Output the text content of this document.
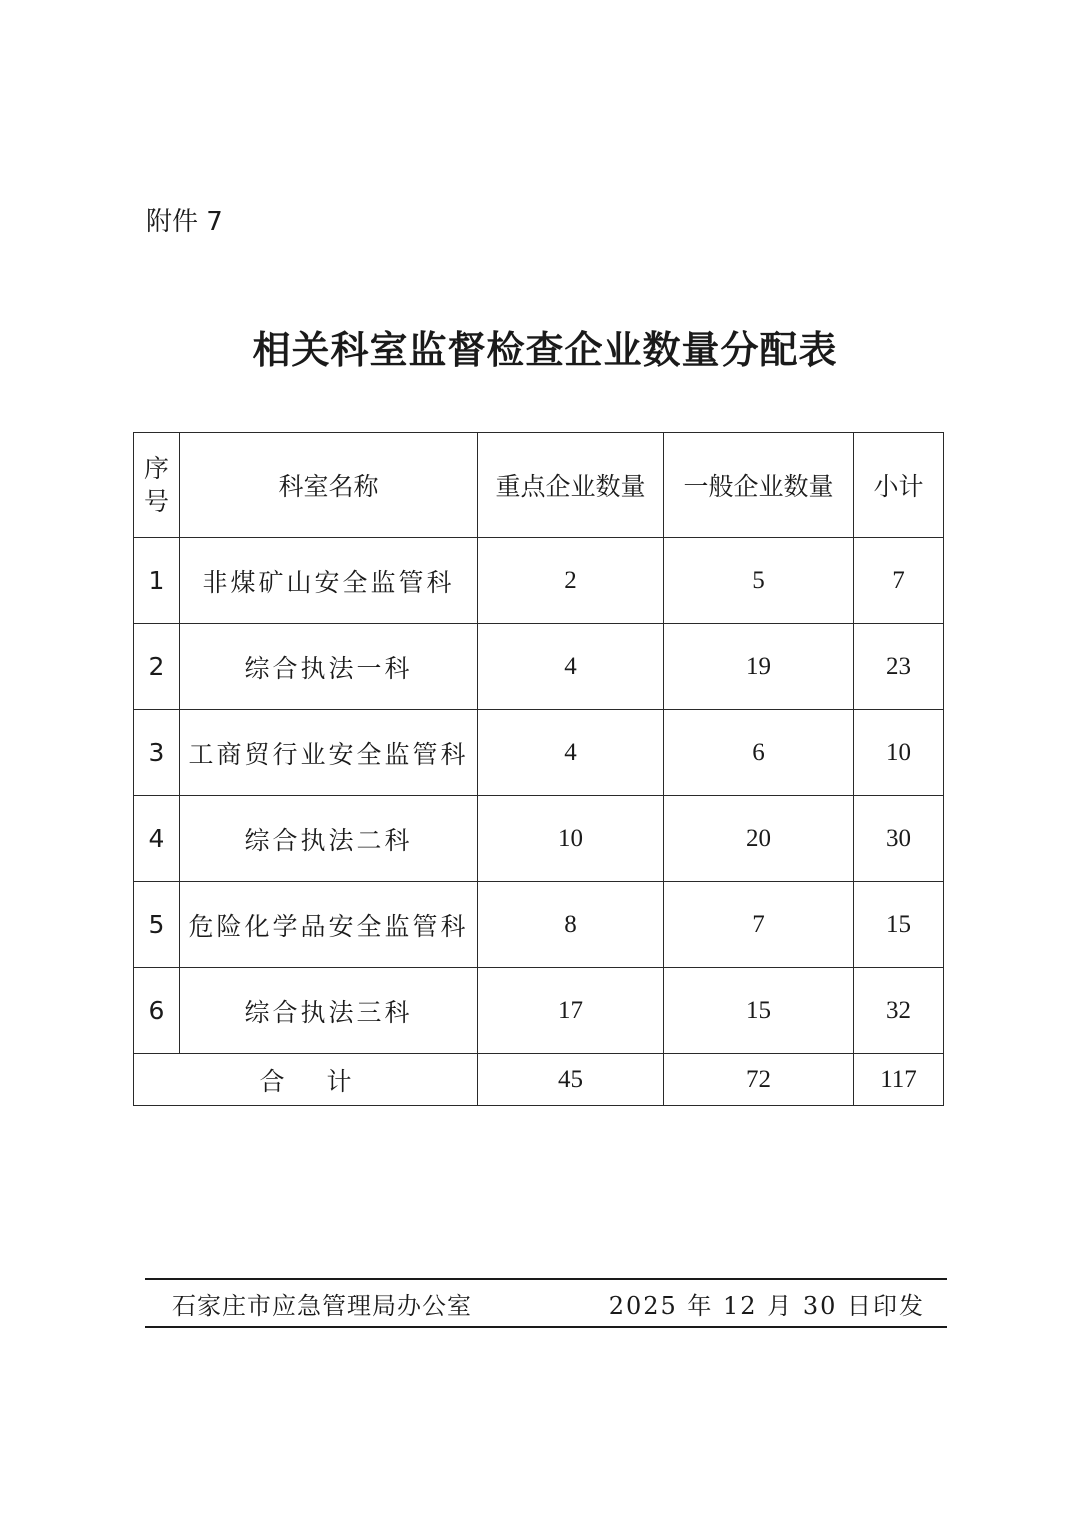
附件 7
相关科室监督检查企业数量分配表
序
号	科室名称	重点企业数量	一般企业数量	小计
1	非煤矿山安全监管科	2	5	7
2	综合执法一科	4	19	23
3	工商贸行业安全监管科	4	6	10
4	综合执法二科	10	20	30
5	危险化学品安全监管科	8	7	15
6	综合执法三科	17	15	32
合 计		45	72	117
石家庄市应急管理局办公室	2025 年 12 月 30 日印发
